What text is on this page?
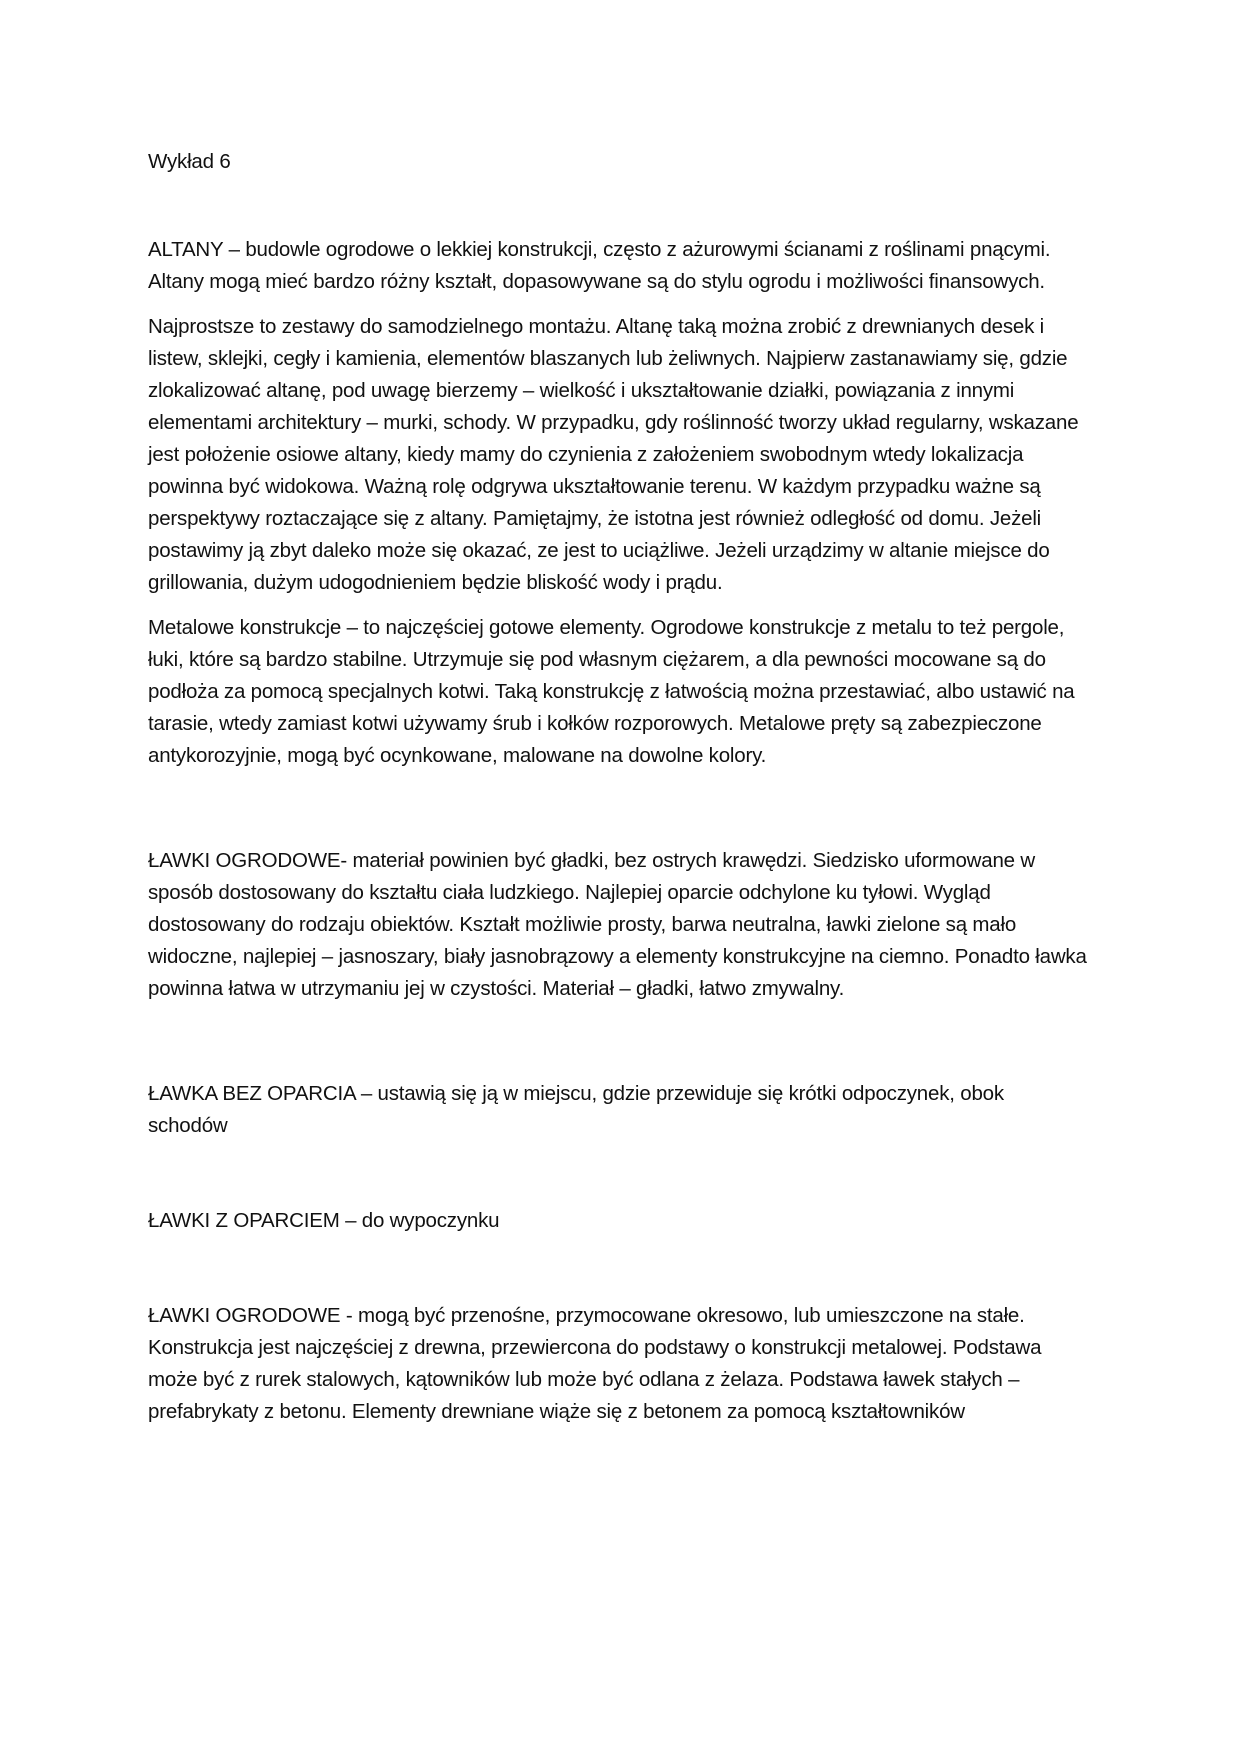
Wykład 6

ALTANY – budowle ogrodowe o lekkiej konstrukcji, często z ażurowymi ścianami z roślinami pnącymi. Altany mogą mieć bardzo różny kształt, dopasowywane są do stylu ogrodu i możliwości finansowych.

Najprostsze to zestawy do samodzielnego montażu. Altanę taką można zrobić z drewnianych desek i listew, sklejki, cegły i kamienia, elementów blaszanych lub żeliwnych. Najpierw zastanawiamy się, gdzie zlokalizować altanę, pod uwagę bierzemy – wielkość i ukształtowanie działki, powiązania z innymi elementami architektury – murki, schody. W przypadku, gdy roślinność tworzy układ regularny, wskazane jest położenie osiowe altany, kiedy mamy do czynienia z założeniem swobodnym wtedy lokalizacja powinna być widokowa. Ważną rolę odgrywa ukształtowanie terenu. W każdym przypadku ważne są perspektywy roztaczające się z altany. Pamiętajmy, że istotna jest również odległość od domu. Jeżeli postawimy ją zbyt daleko może się okazać, ze jest to uciążliwe. Jeżeli urządzimy w altanie miejsce do grillowania, dużym udogodnieniem będzie bliskość wody i prądu.

Metalowe konstrukcje – to najczęściej gotowe elementy. Ogrodowe konstrukcje z metalu to też pergole, łuki, które są bardzo stabilne. Utrzymuje się pod własnym ciężarem, a dla pewności mocowane są do podłoża za pomocą specjalnych kotwi. Taką konstrukcję z łatwością można przestawiać, albo ustawić na tarasie, wtedy zamiast kotwi używamy śrub i kołków rozporowych. Metalowe pręty są zabezpieczone antykorozyjnie, mogą być ocynkowane, malowane na dowolne kolory.

ŁAWKI OGRODOWE- materiał powinien być gładki, bez ostrych krawędzi. Siedzisko uformowane w sposób dostosowany do kształtu ciała ludzkiego. Najlepiej oparcie odchylone ku tyłowi. Wygląd dostosowany do rodzaju obiektów. Kształt możliwie prosty, barwa neutralna, ławki zielone są mało widoczne, najlepiej – jasnoszary, biały jasnobrązowy a elementy konstrukcyjne na ciemno. Ponadto ławka powinna łatwa w utrzymaniu jej w czystości. Materiał – gładki, łatwo zmywalny.

ŁAWKA BEZ OPARCIA – ustawią się ją w miejscu, gdzie przewiduje się krótki odpoczynek, obok schodów

ŁAWKI Z OPARCIEM – do wypoczynku

ŁAWKI OGRODOWE - mogą być przenośne, przymocowane okresowo, lub umieszczone na stałe. Konstrukcja jest najczęściej z drewna, przewiercona do podstawy o konstrukcji metalowej. Podstawa może być z rurek stalowych, kątowników lub może być odlana z żelaza. Podstawa ławek stałych – prefabrykaty z betonu. Elementy drewniane wiąże się z betonem za pomocą kształtowników
